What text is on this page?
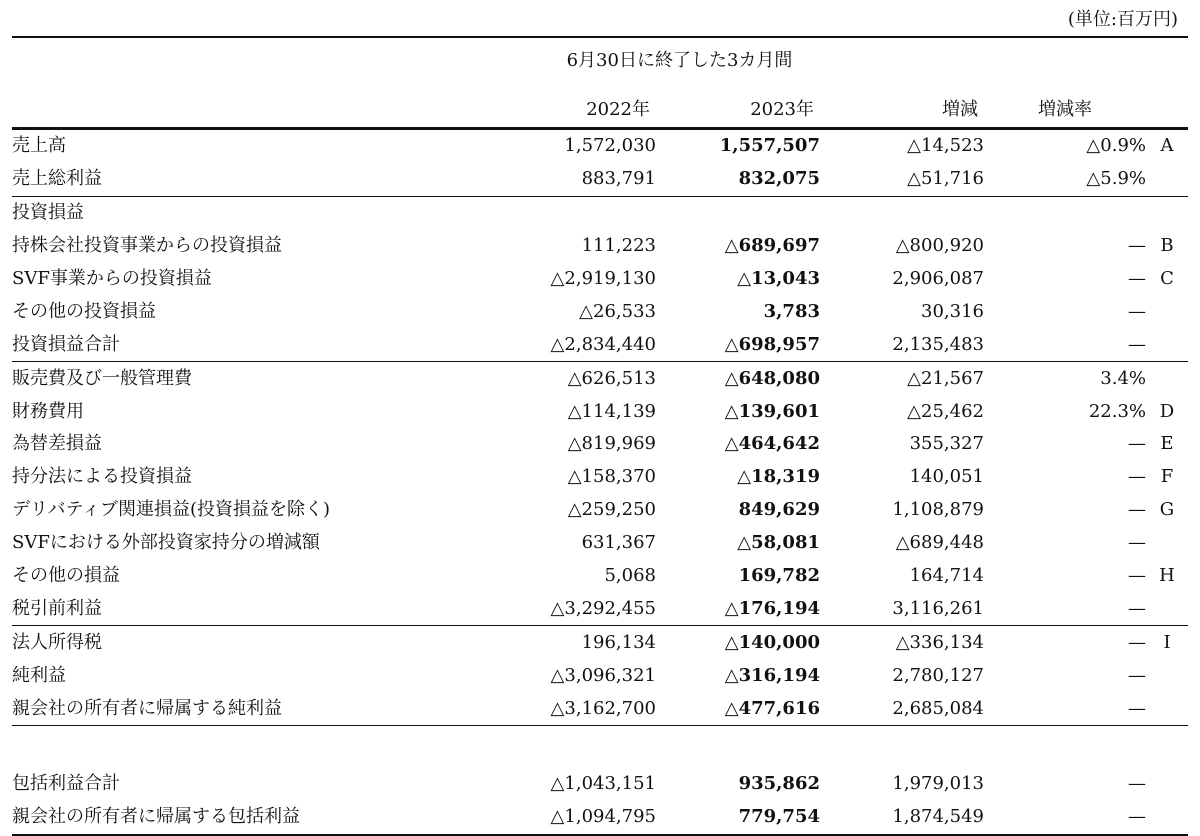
(単位:百万円)
6月30日に終了した3カ月間					
	2022年	2023年	増減	増減率	
売上高	1,572,030	1,557,507	△14,523	△0.9%	A
売上総利益	883,791	832,075	△51,716	△5.9%	
投資損益					
持株会社投資事業からの投資損益	111,223	△689,697	△800,920	—	B
SVF事業からの投資損益	△2,919,130	△13,043	2,906,087	—	C
その他の投資損益	△26,533	3,783	30,316	—	
投資損益合計	△2,834,440	△698,957	2,135,483	—	
販売費及び一般管理費	△626,513	△648,080	△21,567	3.4%	
財務費用	△114,139	△139,601	△25,462	22.3%	D
為替差損益	△819,969	△464,642	355,327	—	E
持分法による投資損益	△158,370	△18,319	140,051	—	F
デリバティブ関連損益(投資損益を除く)	△259,250	849,629	1,108,879	—	G
SVFにおける外部投資家持分の増減額	631,367	△58,081	△689,448	—	
その他の損益	5,068	169,782	164,714	—	H
税引前利益	△3,292,455	△176,194	3,116,261	—	
法人所得税	196,134	△140,000	△336,134	—	I
純利益	△3,096,321	△316,194	2,780,127	—	
親会社の所有者に帰属する純利益	△3,162,700	△477,616	2,685,084	—	

包括利益合計	△1,043,151	935,862	1,979,013	—	
親会社の所有者に帰属する包括利益	△1,094,795	779,754	1,874,549	—	
